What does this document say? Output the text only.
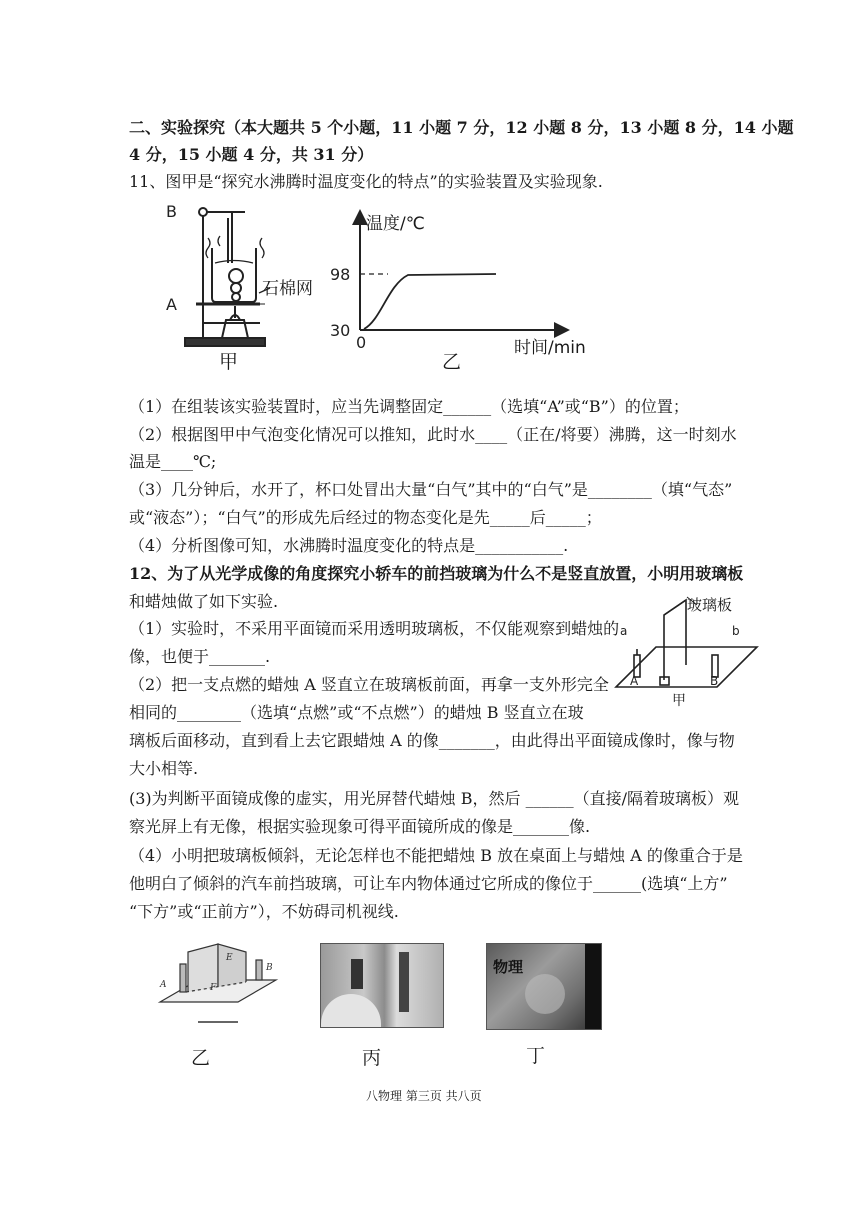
二、实验探究（本大题共 5 个小题，11 小题 7 分，12 小题 8 分，13 小题 8 分，14 小题
4 分，15 小题 4 分，共 31 分）
11、图甲是“探究水沸腾时温度变化的特点”的实验装置及实验现象.
B
A
石棉网
甲
98
30
0
温度/℃
时间/min
乙
（1）在组装该实验装置时，应当先调整固定______（选填“A”或“B”）的位置；
（2）根据图甲中气泡变化情况可以推知，此时水____（正在/将要）沸腾，这一时刻水
温是____℃;
（3）几分钟后，水开了，杯口处冒出大量“白气”其中的“白气”是________（填“气态”
或“液态”）；“白气”的形成先后经过的物态变化是先_____后_____；
（4）分析图像可知，水沸腾时温度变化的特点是___________.
12、为了从光学成像的角度探究小轿车的前挡玻璃为什么不是竖直放置，小明用玻璃板
和蜡烛做了如下实验.
（1）实验时，不采用平面镜而采用透明玻璃板，不仅能观察到蜡烛的
像，也便于_______.
（2）把一支点燃的蜡烛 A 竖直立在玻璃板前面，再拿一支外形完全
相同的________（选填“点燃”或“不点燃”）的蜡烛 B 竖直立在玻
璃板后面移动，直到看上去它跟蜡烛 A 的像_______，由此得出平面镜成像时，像与物
大小相等.
(3)为判断平面镜成像的虚实，用光屏替代蜡烛 B，然后 ______（直接/隔着玻璃板）观
察光屏上有无像，根据实验现象可得平面镜所成的像是_______像.
（4）小明把玻璃板倾斜，无论怎样也不能把蜡烛 B 放在桌面上与蜡烛 A 的像重合于是
他明白了倾斜的汽车前挡玻璃，可让车内物体通过它所成的像位于______(选填“上方”
“下方”或“正前方”），不妨碍司机视线.
a	b
A	B
玻璃板
甲
A
B
E
F
乙	丙
物理
丁
八物理 第三页 共八页
